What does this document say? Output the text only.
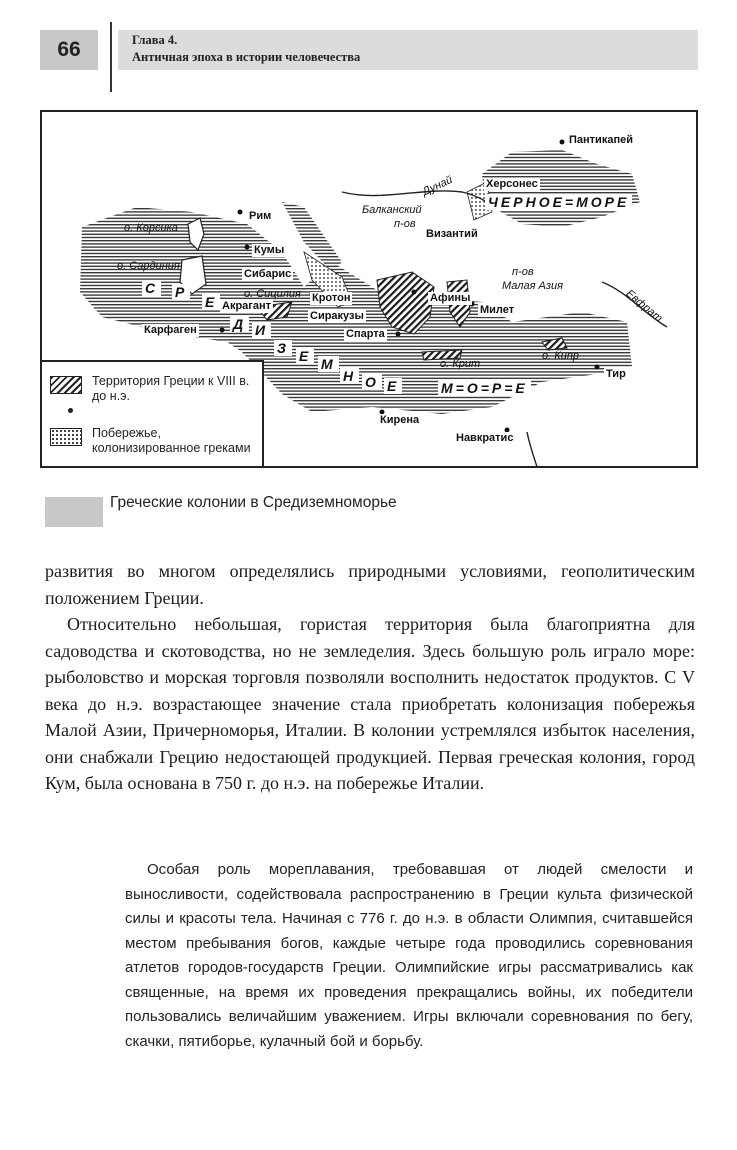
66	Глава 4.
Античная эпоха в истории человечества
Пантикапей
Херсонес
Дунай
Балканский
п-ов
ЧЕРНОЕ=МОРЕ
Рим
о. Корсика	Византий
Кумы
о. Сардиния
Сибарис	п-ов
Малая Азия
С Р	о. Сицилия Кротон	Афины
Е Акрагант
Сиракузы	Милет	Евфрат
Карфаген	Д И	Спарта
З Е М	о. Крит
о. Кипр
Тир
Н О Е	М=О=Р=Е
Кирена
Навкратис
Территория Греции к VIII в. до н.э.
Побережье, колонизированное греками
Греческие колонии в Средиземноморье

развития во многом определялись природными условиями, геополитическим положением Греции.

Относительно небольшая, гористая территория была благоприятна для садоводства и скотоводства, но не земледелия. Здесь большую роль играло море: рыболовство и морская торговля позволяли восполнить недостаток продуктов. С V века до н.э. возрастающее значение стала приобретать колонизация побережья Малой Азии, Причерноморья, Италии. В колонии устремлялся избыток населения, они снабжали Грецию недостающей продукцией. Первая греческая колония, город Кум, была основана в 750 г. до н.э. на побережье Италии.

Особая роль мореплавания, требовавшая от людей смелости и выносливости, содействовала распространению в Греции культа физической силы и красоты тела. Начиная с 776 г. до н.э. в области Олимпия, считавшейся местом пребывания богов, каждые четыре года проводились соревнования атлетов городов-государств Греции. Олимпийские игры рассматривались как священные, на время их проведения прекращались войны, их победители пользовались величайшим уважением. Игры включали соревнования по бегу, скачки, пятиборье, кулачный бой и борьбу.
